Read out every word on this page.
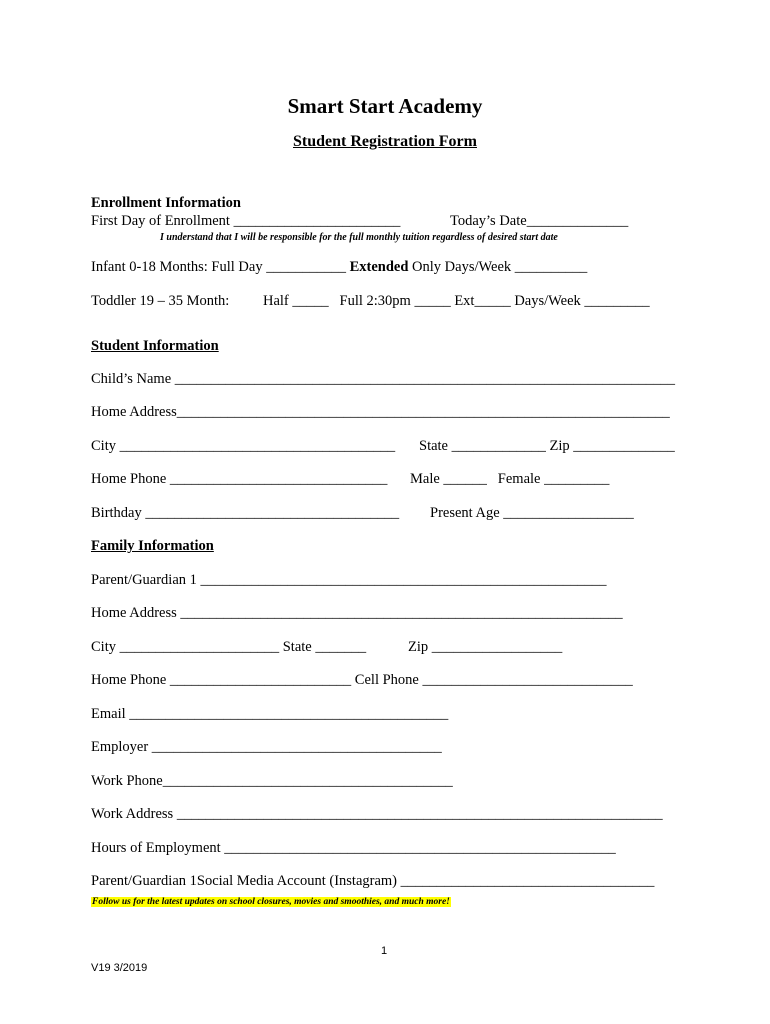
Smart Start Academy
Student Registration Form
Enrollment Information
First Day of Enrollment _______________________	Today’s Date______________
I understand that I will be responsible for the full monthly tuition regardless of desired start date
Infant 0-18 Months: Full Day ___________ Extended Only Days/Week __________
Toddler 19 – 35 Month: Half _____   Full 2:30pm _____ Ext_____ Days/Week _________
Student Information
Child’s Name _____________________________________________________________________
Home Address____________________________________________________________________
City ______________________________________ State _____________ Zip ______________
Home Phone ______________________________ Male ______   Female _________
Birthday ___________________________________ Present Age __________________
Family Information
Parent/Guardian 1 ________________________________________________________
Home Address _____________________________________________________________
City ______________________ State _______	Zip __________________
Home Phone _________________________ Cell Phone _____________________________
Email ____________________________________________
Employer ________________________________________
Work Phone________________________________________
Work Address ___________________________________________________________________
Hours of Employment ______________________________________________________
Parent/Guardian 1Social Media Account (Instagram) ___________________________________
Follow us for the latest updates on school closures, movies and smoothies, and much more!
1
V19 3/2019
